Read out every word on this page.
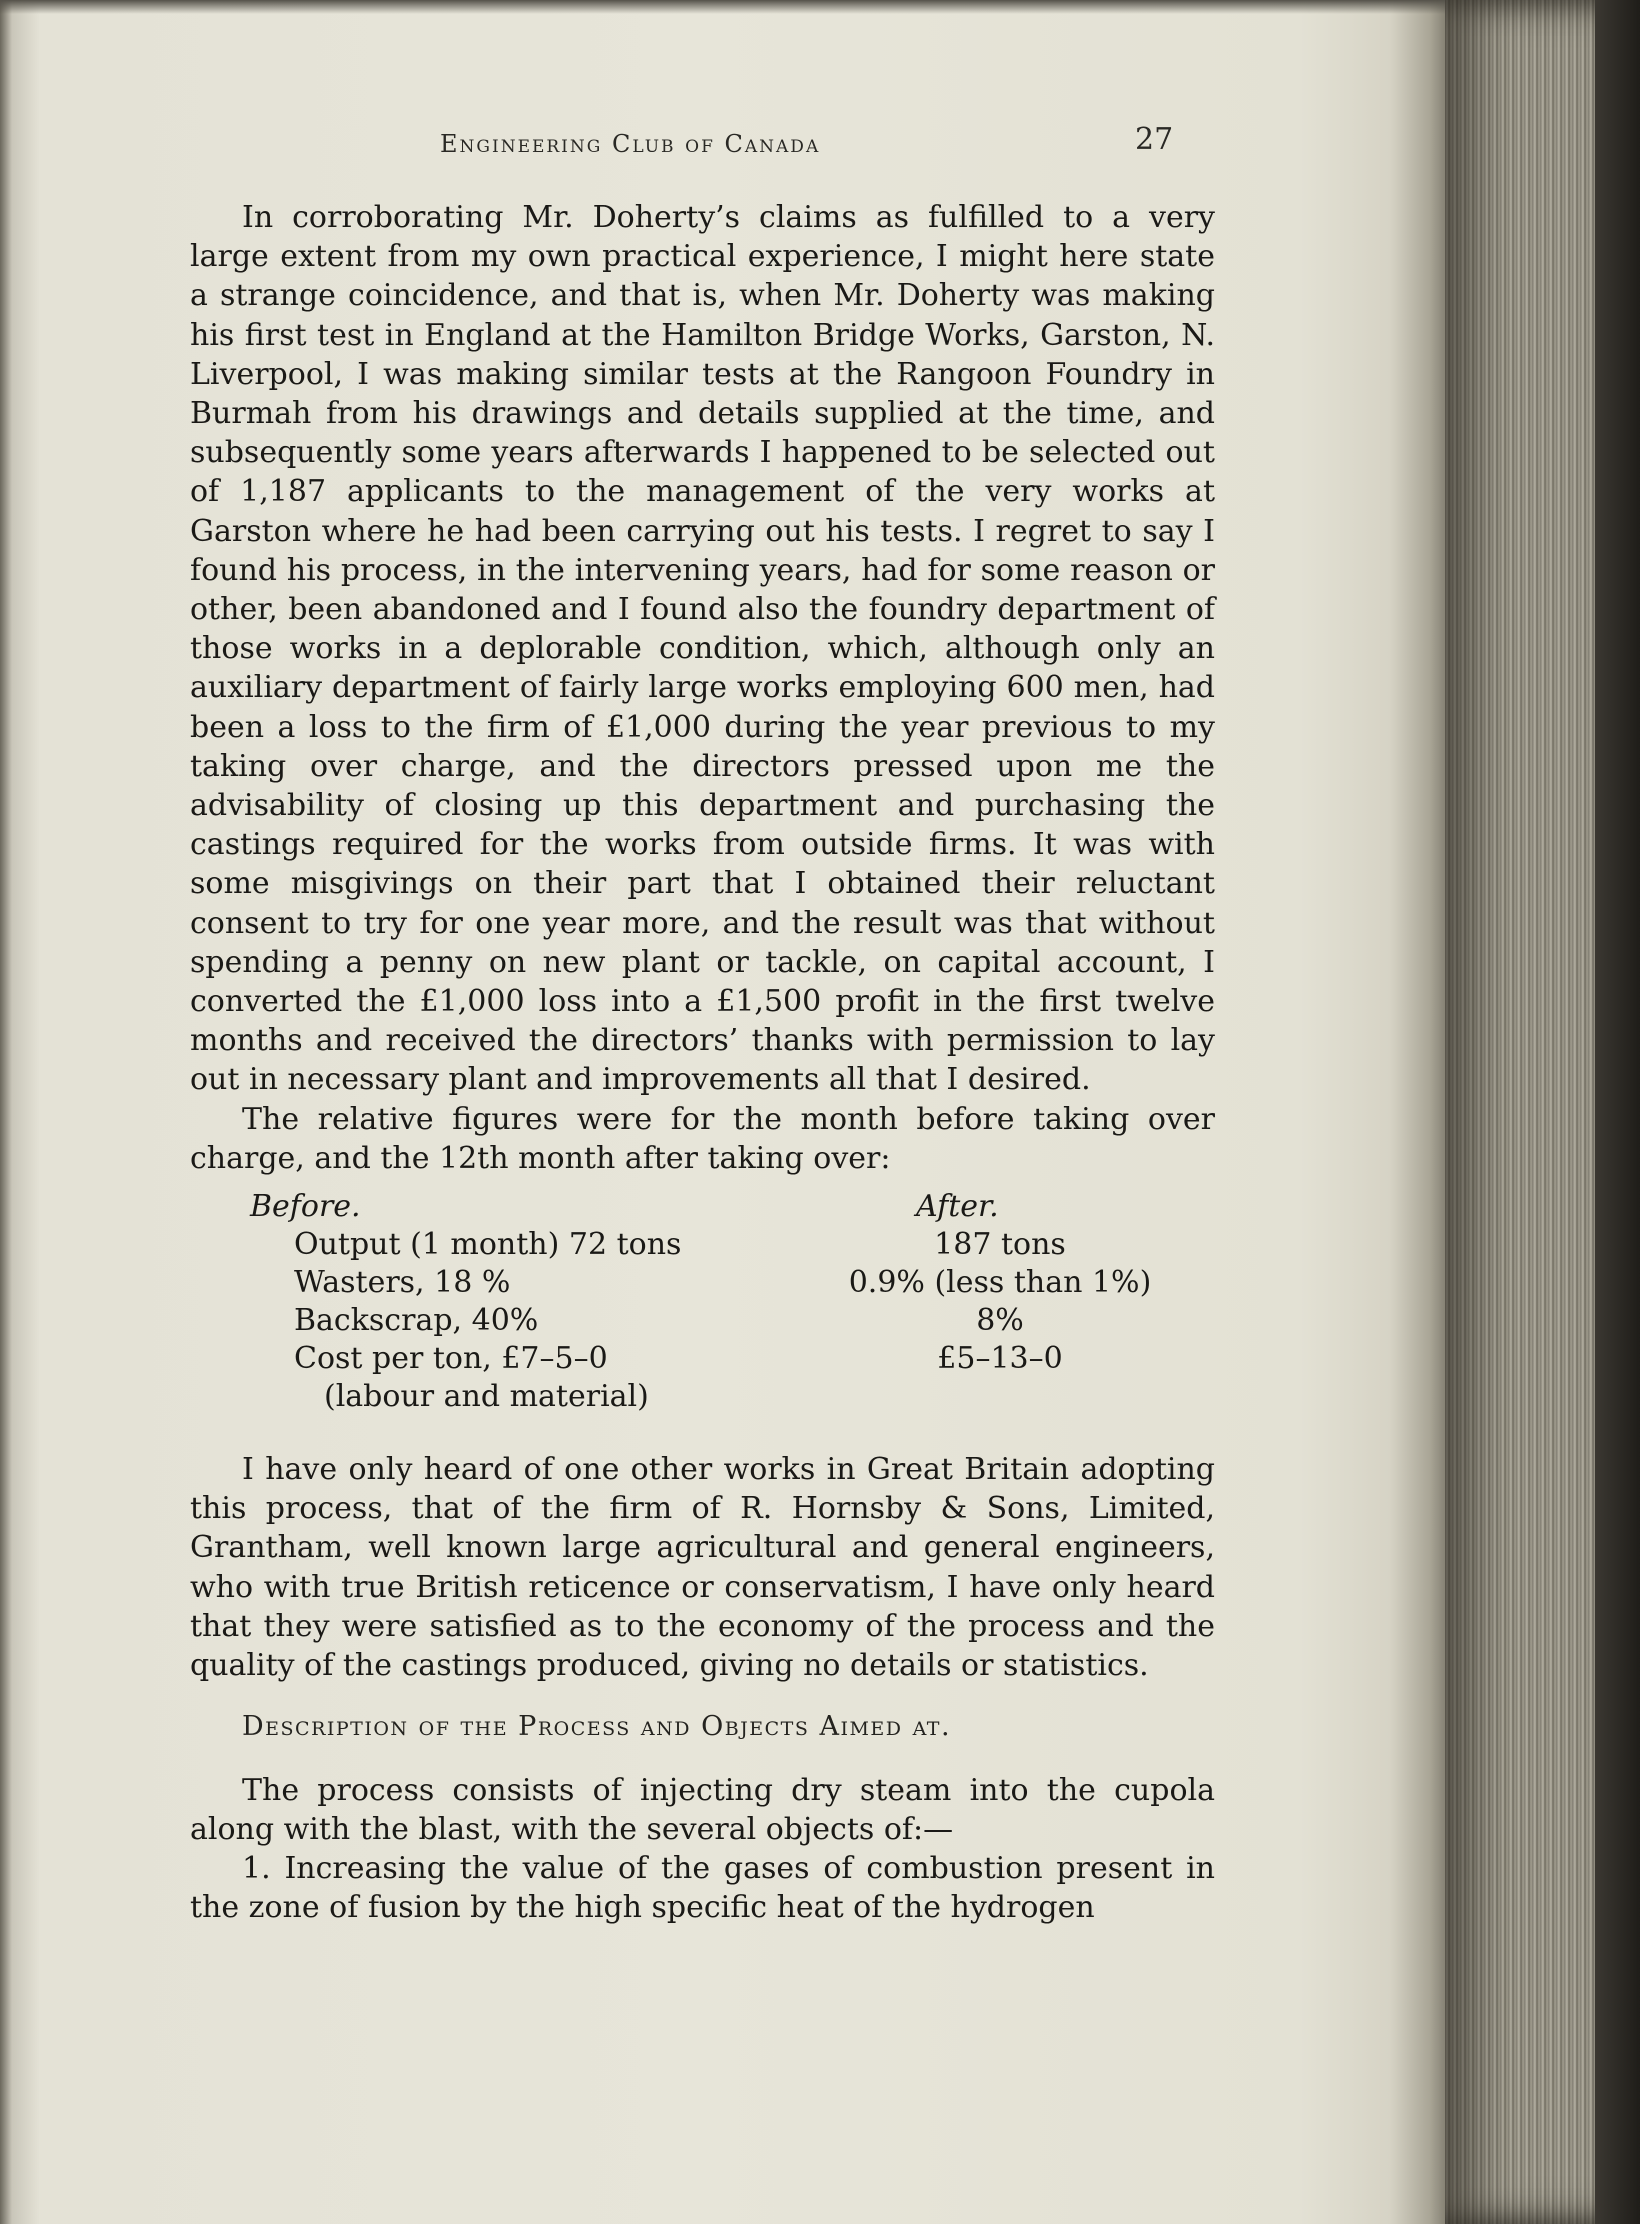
Engineering Club of Canada	27

In corroborating Mr. Doherty’s claims as fulfilled to a very large extent from my own practical experience, I might here state a strange coincidence, and that is, when Mr. Doherty was making his first test in England at the Hamilton Bridge Works, Garston, N. Liverpool, I was making similar tests at the Rangoon Foundry in Burmah from his drawings and details supplied at the time, and subsequently some years afterwards I happened to be selected out of 1,187 applicants to the management of the very works at Garston where he had been carrying out his tests. I regret to say I found his process, in the intervening years, had for some reason or other, been abandoned and I found also the foundry department of those works in a deplorable condition, which, although only an auxiliary department of fairly large works employing 600 men, had been a loss to the firm of £1,000 during the year previous to my taking over charge, and the directors pressed upon me the advisability of closing up this department and purchasing the castings required for the works from outside firms. It was with some misgivings on their part that I obtained their reluctant consent to try for one year more, and the result was that without spending a penny on new plant or tackle, on capital account, I converted the £1,000 loss into a £1,500 profit in the first twelve months and received the directors’ thanks with permission to lay out in necessary plant and improvements all that I desired.

The relative figures were for the month before taking over charge, and the 12th month after taking over:

Before.
Output (1 month) 72 tons
Wasters, 18 %
Backscrap, 40%
Cost per ton, £7–5–0
(labour and material)
After.
187 tons
0.9% (less than 1%)
8%
£5–13–0

I have only heard of one other works in Great Britain adopting this process, that of the firm of R. Hornsby & Sons, Limited, Grantham, well known large agricultural and general engineers, who with true British reticence or conservatism, I have only heard that they were satisfied as to the economy of the process and the quality of the castings produced, giving no details or statistics.

Description of the Process and Objects Aimed at.

The process consists of injecting dry steam into the cupola along with the blast, with the several objects of:—

1. Increasing the value of the gases of combustion present in the zone of fusion by the high specific heat of the hydrogen
